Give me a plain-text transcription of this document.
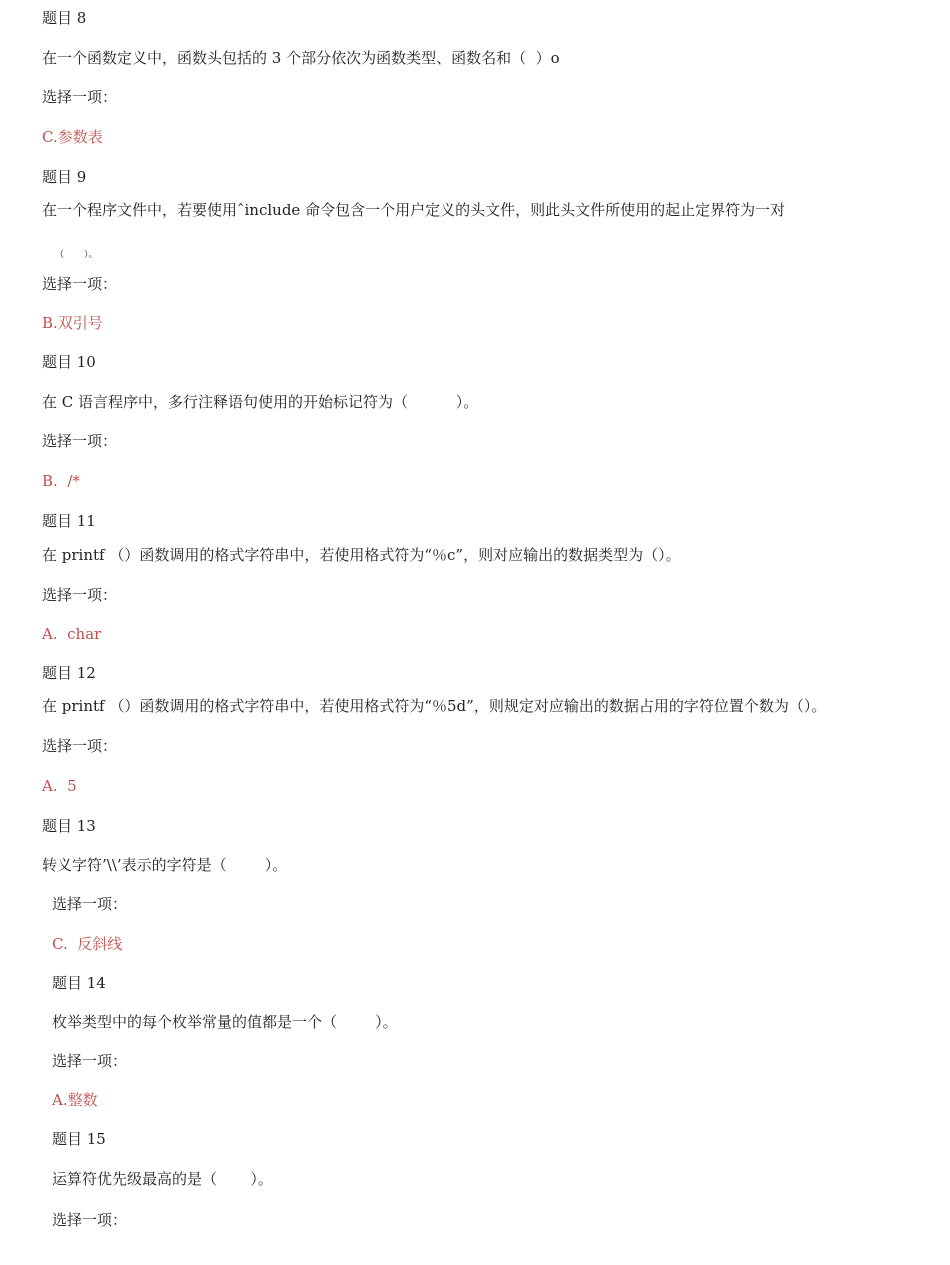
题目 8
在一个函数定义中，函数头包括的 3 个部分依次为函数类型、函数名和（  ）o
选择一项：
C.参数表
题目 9
在一个程序文件中，若要使用ˆinclude 命令包含一个用户定义的头文件，则此头文件所使用的起止定界符为一对
（       ）。
选择一项：
B.双引号
题目 10
在 C 语言程序中，多行注释语句使用的开始标记符为（          ）。
选择一项：
B.  /*
题目 11
在 printf （）函数调用的格式字符串中，若使用格式符为“％c”，则对应输出的数据类型为（）。
选择一项：
A.  char
题目 12
在 printf （）函数调用的格式字符串中，若使用格式符为“％5d”，则规定对应输出的数据占用的字符位置个数为（）。
选择一项：
A.  5
题目 13
转义字符’\\’表示的字符是（        ）。
选择一项：
C.  反斜线
题目 14
枚举类型中的每个枚举常量的值都是一个（        ）。
选择一项：
A.整数
题目 15
运算符优先级最高的是（       ）。
选择一项：
